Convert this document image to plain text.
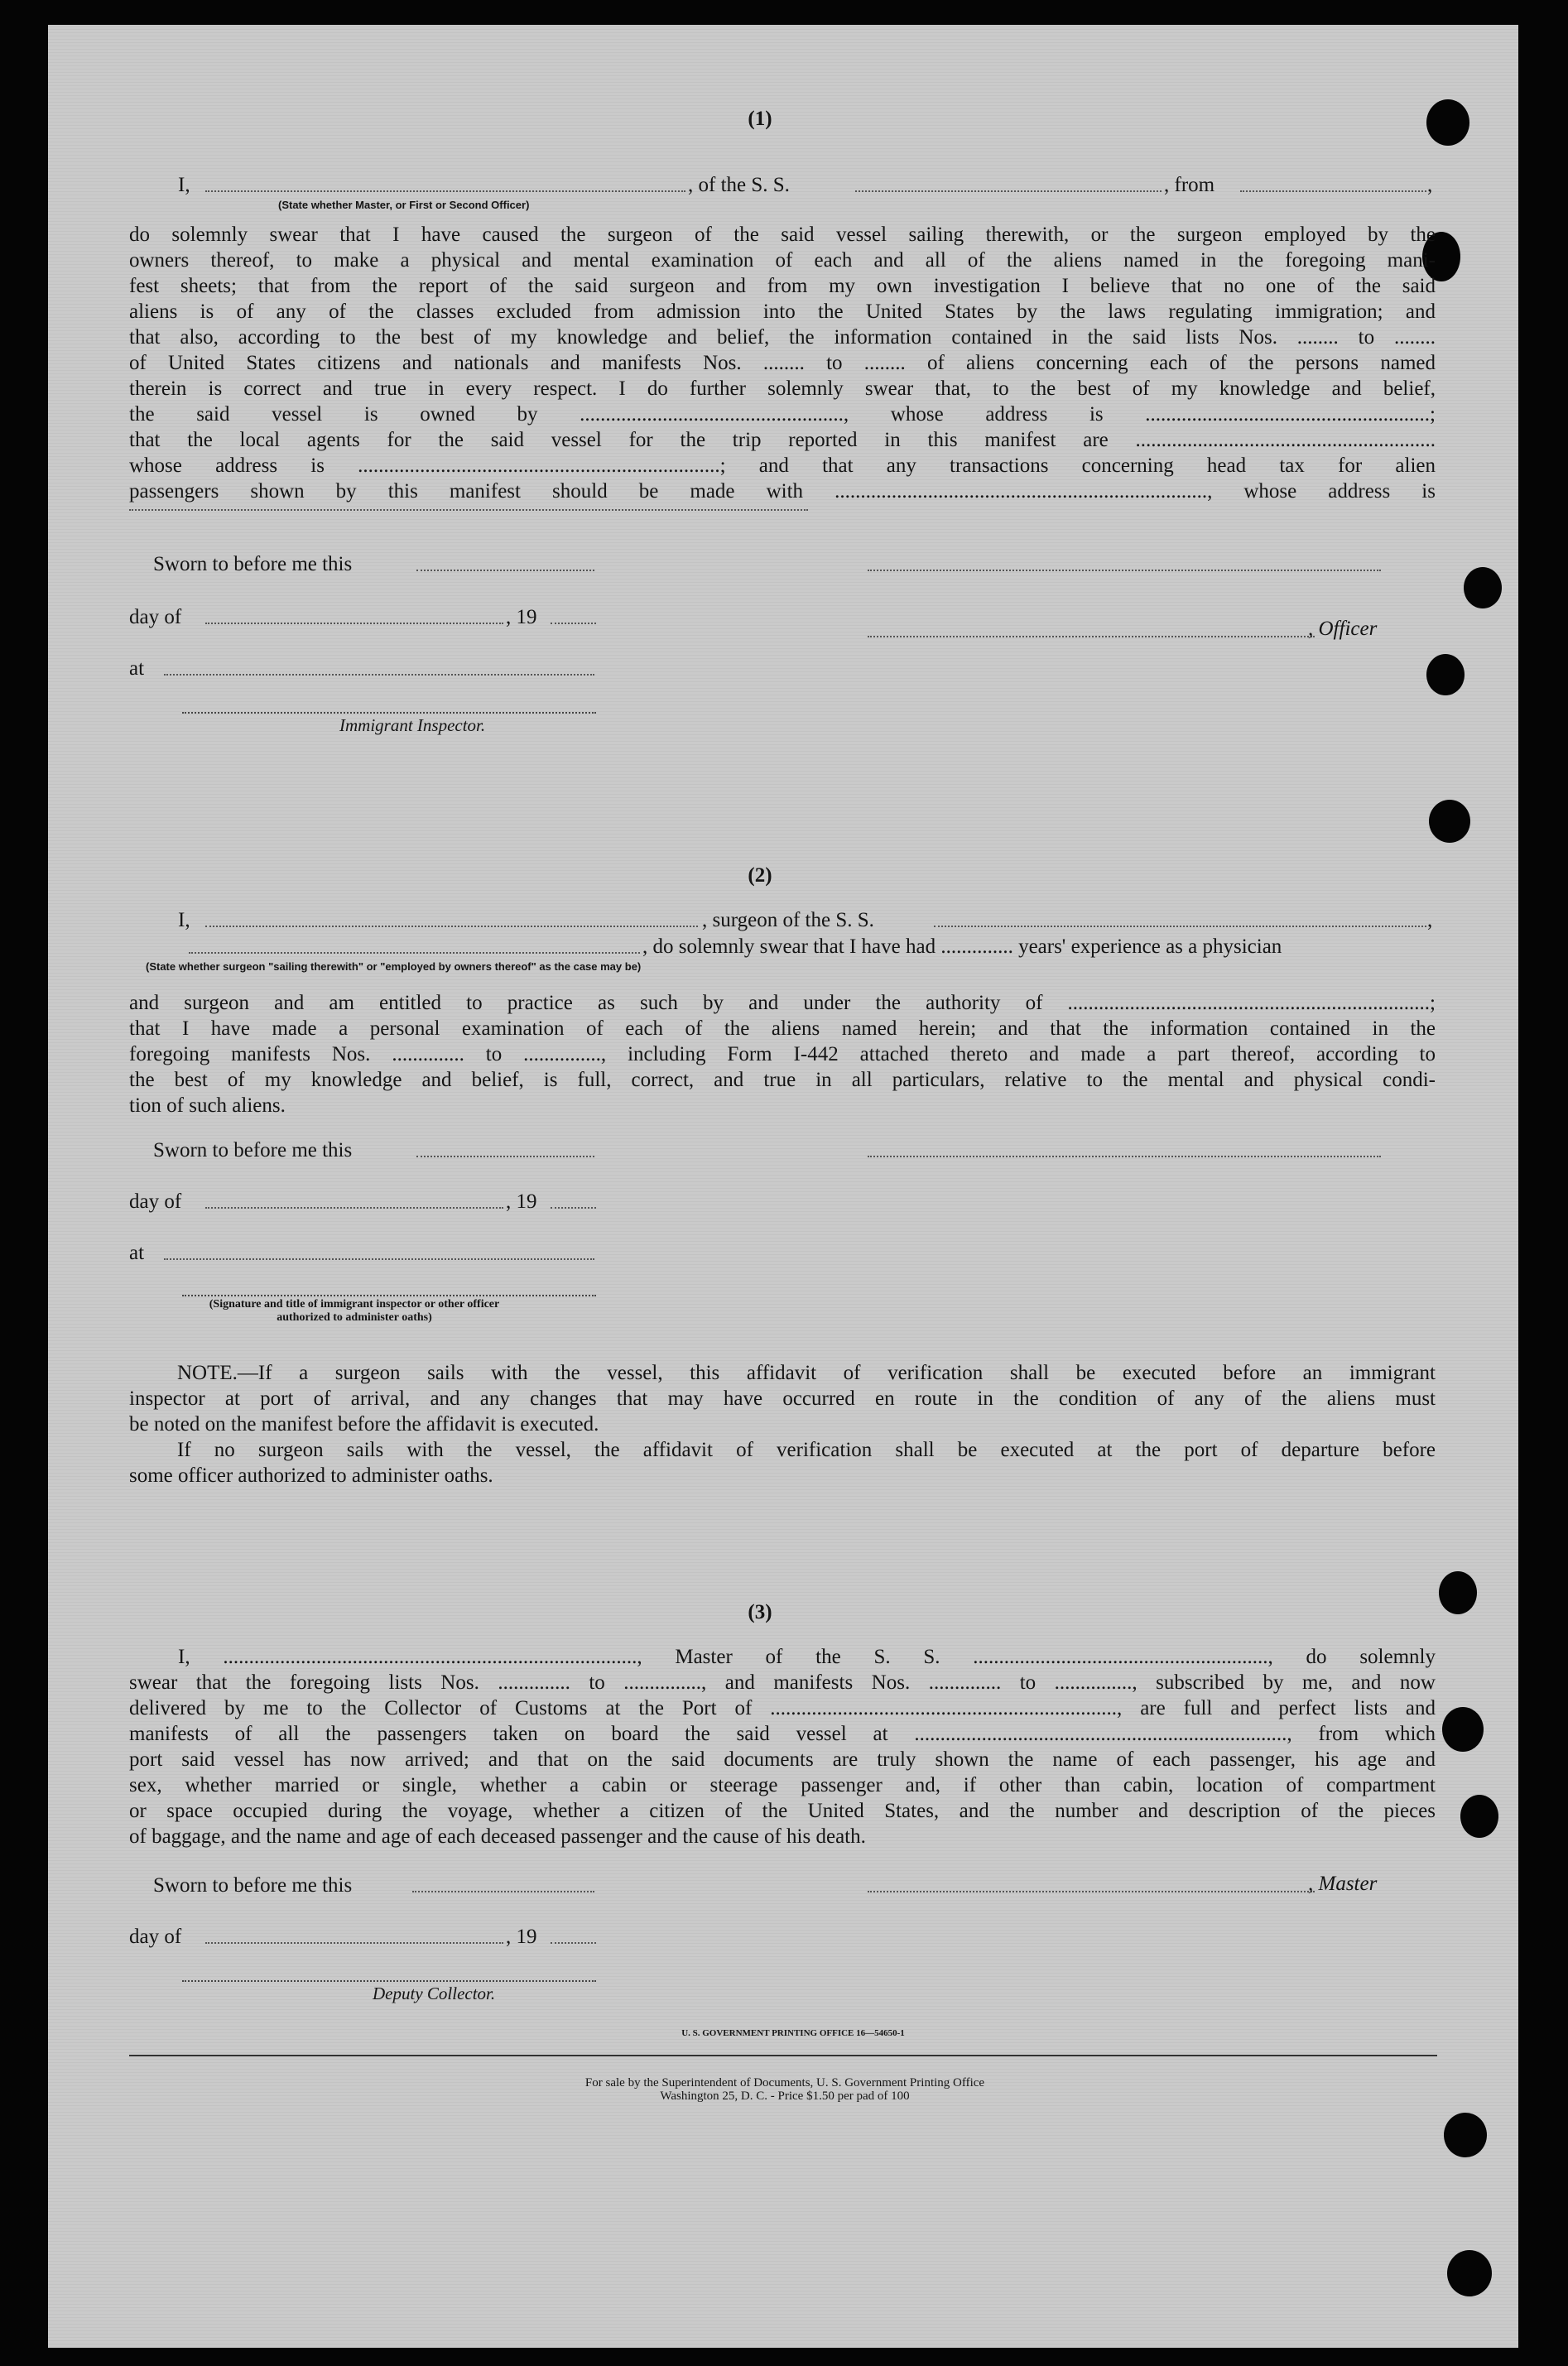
(1)
I,	, of the S. S.	, from	,
(State whether Master, or First or Second Officer)
do solemnly swear that I have caused the surgeon of the said vessel sailing therewith, or the surgeon employed by the
owners thereof, to make a physical and mental examination of each and all of the aliens named in the foregoing mani-
fest sheets; that from the report of the said surgeon and from my own investigation I believe that no one of the said
aliens is of any of the classes excluded from admission into the United States by the laws regulating immigration; and
that also, according to the best of my knowledge and belief, the information contained in the said lists Nos. ........ to ........
of United States citizens and nationals and manifests Nos. ........ to ........ of aliens concerning each of the persons named
therein is correct and true in every respect. I do further solemnly swear that, to the best of my knowledge and belief,
the said vessel is owned by ..................................................., whose address is .......................................................;
that the local agents for the said vessel for the trip reported in this manifest are ..........................................................
whose address is ......................................................................; and that any transactions concerning head tax for alien
passengers shown by this manifest should be made with ........................................................................, whose address is
Sworn to before me this
day of	, 19
, Officer
at
Immigrant Inspector.
(2)
I,	, surgeon of the S. S.	,
, do solemnly swear that I have had .............. years' experience as a physician
(State whether surgeon "sailing therewith" or "employed by owners thereof" as the case may be)
and surgeon and am entitled to practice as such by and under the authority of ......................................................................;
that I have made a personal examination of each of the aliens named herein; and that the information contained in the
foregoing manifests Nos. .............. to ..............., including Form I-442 attached thereto and made a part thereof, according to
the best of my knowledge and belief, is full, correct, and true in all particulars, relative to the mental and physical condi-
tion of such aliens.
Sworn to before me this
day of	, 19
at
(Signature and title of immigrant inspector or other officer authorized to administer oaths)
NOTE.—If a surgeon sails with the vessel, this affidavit of verification shall be executed before an immigrant
inspector at port of arrival, and any changes that may have occurred en route in the condition of any of the aliens must
be noted on the manifest before the affidavit is executed.
If no surgeon sails with the vessel, the affidavit of verification shall be executed at the port of departure before
some officer authorized to administer oaths.
(3)
I, ................................................................................, Master of the S. S. ........................................................., do solemnly
swear that the foregoing lists Nos. .............. to ..............., and manifests Nos. .............. to ..............., subscribed by me, and now
delivered by me to the Collector of Customs at the Port of ..................................................................., are full and perfect lists and
manifests of all the passengers taken on board the said vessel at ........................................................................, from which
port said vessel has now arrived; and that on the said documents are truly shown the name of each passenger, his age and
sex, whether married or single, whether a cabin or steerage passenger and, if other than cabin, location of compartment
or space occupied during the voyage, whether a citizen of the United States, and the number and description of the pieces
of baggage, and the name and age of each deceased passenger and the cause of his death.
Sworn to before me this	, Master
day of	, 19
Deputy Collector.
U. S. GOVERNMENT PRINTING OFFICE 16—54650-1
For sale by the Superintendent of Documents, U. S. Government Printing Office
Washington 25, D. C. - Price $1.50 per pad of 100
